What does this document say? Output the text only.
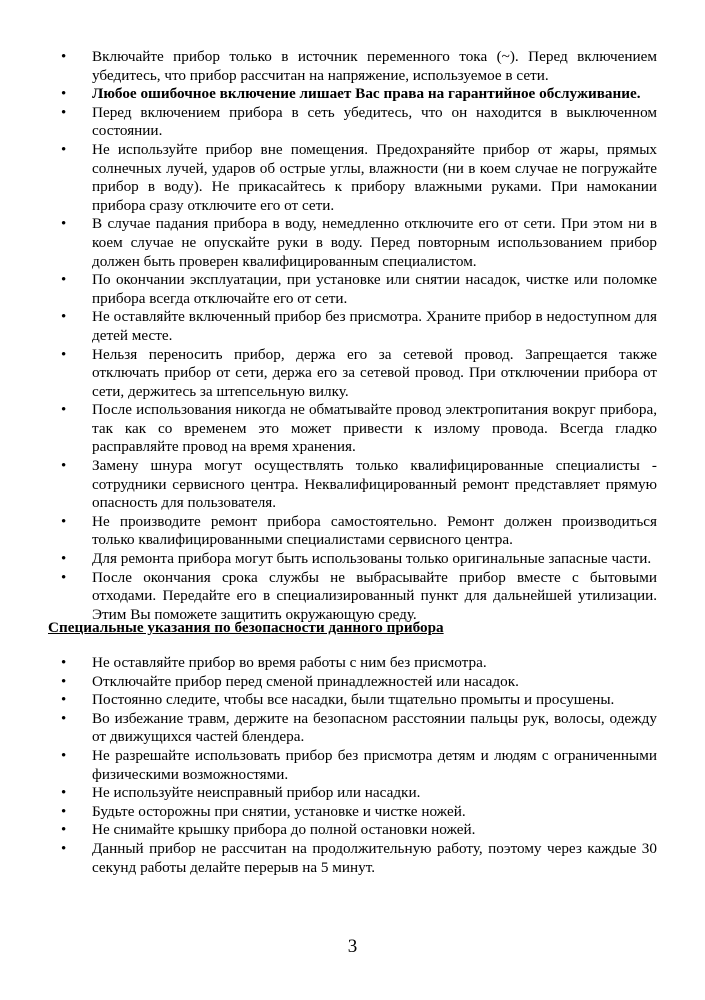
•	Включайте прибор только в источник переменного тока (~). Перед включением убедитесь, что прибор рассчитан на напряжение, используемое в сети.
•	Любое ошибочное включение лишает Вас права на гарантийное обслуживание.
•	Перед включением прибора в сеть убедитесь, что он находится в выключенном состоянии.
•	Не используйте прибор вне помещения. Предохраняйте прибор от жары, прямых солнечных лучей, ударов об острые углы, влажности (ни в коем случае не погружайте прибор в воду). Не прикасайтесь к прибору влажными руками. При намокании прибора сразу отключите его от сети.
•	В случае падания прибора в воду, немедленно отключите его от сети. При этом ни в коем случае не опускайте руки в воду. Перед повторным использованием прибор должен быть проверен квалифицированным специалистом.
•	По окончании эксплуатации, при установке или снятии насадок, чистке или поломке прибора всегда отключайте его от сети.
•	Не оставляйте включенный прибор без присмотра. Храните прибор в недоступном для детей месте.
•	Нельзя переносить прибор, держа его за сетевой провод. Запрещается также отключать прибор от сети, держа его за сетевой провод. При отключении прибора от сети, держитесь за штепсельную вилку.
•	После использования никогда не обматывайте провод электропитания вокруг прибора, так как со временем это может привести к излому провода. Всегда гладко расправляйте провод на время хранения.
•	Замену шнура могут осуществлять только квалифицированные специалисты - сотрудники сервисного центра. Неквалифицированный ремонт представляет прямую опасность для пользователя.
•	Не производите ремонт прибора самостоятельно. Ремонт должен производиться только квалифицированными специалистами сервисного центра.
•	Для ремонта прибора могут быть использованы только оригинальные запасные части.
•	После окончания срока службы не выбрасывайте прибор вместе с бытовыми отходами. Передайте его в специализированный пункт для дальнейшей утилизации. Этим Вы поможете защитить окружающую среду.
Специальные указания по безопасности данного прибора
•	Не оставляйте прибор во время работы с ним без присмотра.
•	Отключайте прибор перед сменой принадлежностей или насадок.
•	Постоянно следите, чтобы все насадки, были тщательно промыты и просушены.
•	Во избежание травм, держите на безопасном расстоянии пальцы рук, волосы, одежду от движущихся частей блендера.
•	Не разрешайте использовать прибор без присмотра детям и людям с ограниченными физическими возможностями.
•	Не используйте неисправный прибор или насадки.
•	Будьте осторожны при снятии, установке и чистке ножей.
•	Не снимайте крышку прибора до полной остановки ножей.
•	Данный прибор не рассчитан на продолжительную работу, поэтому через каждые 30 секунд работы делайте перерыв на 5 минут.
3
